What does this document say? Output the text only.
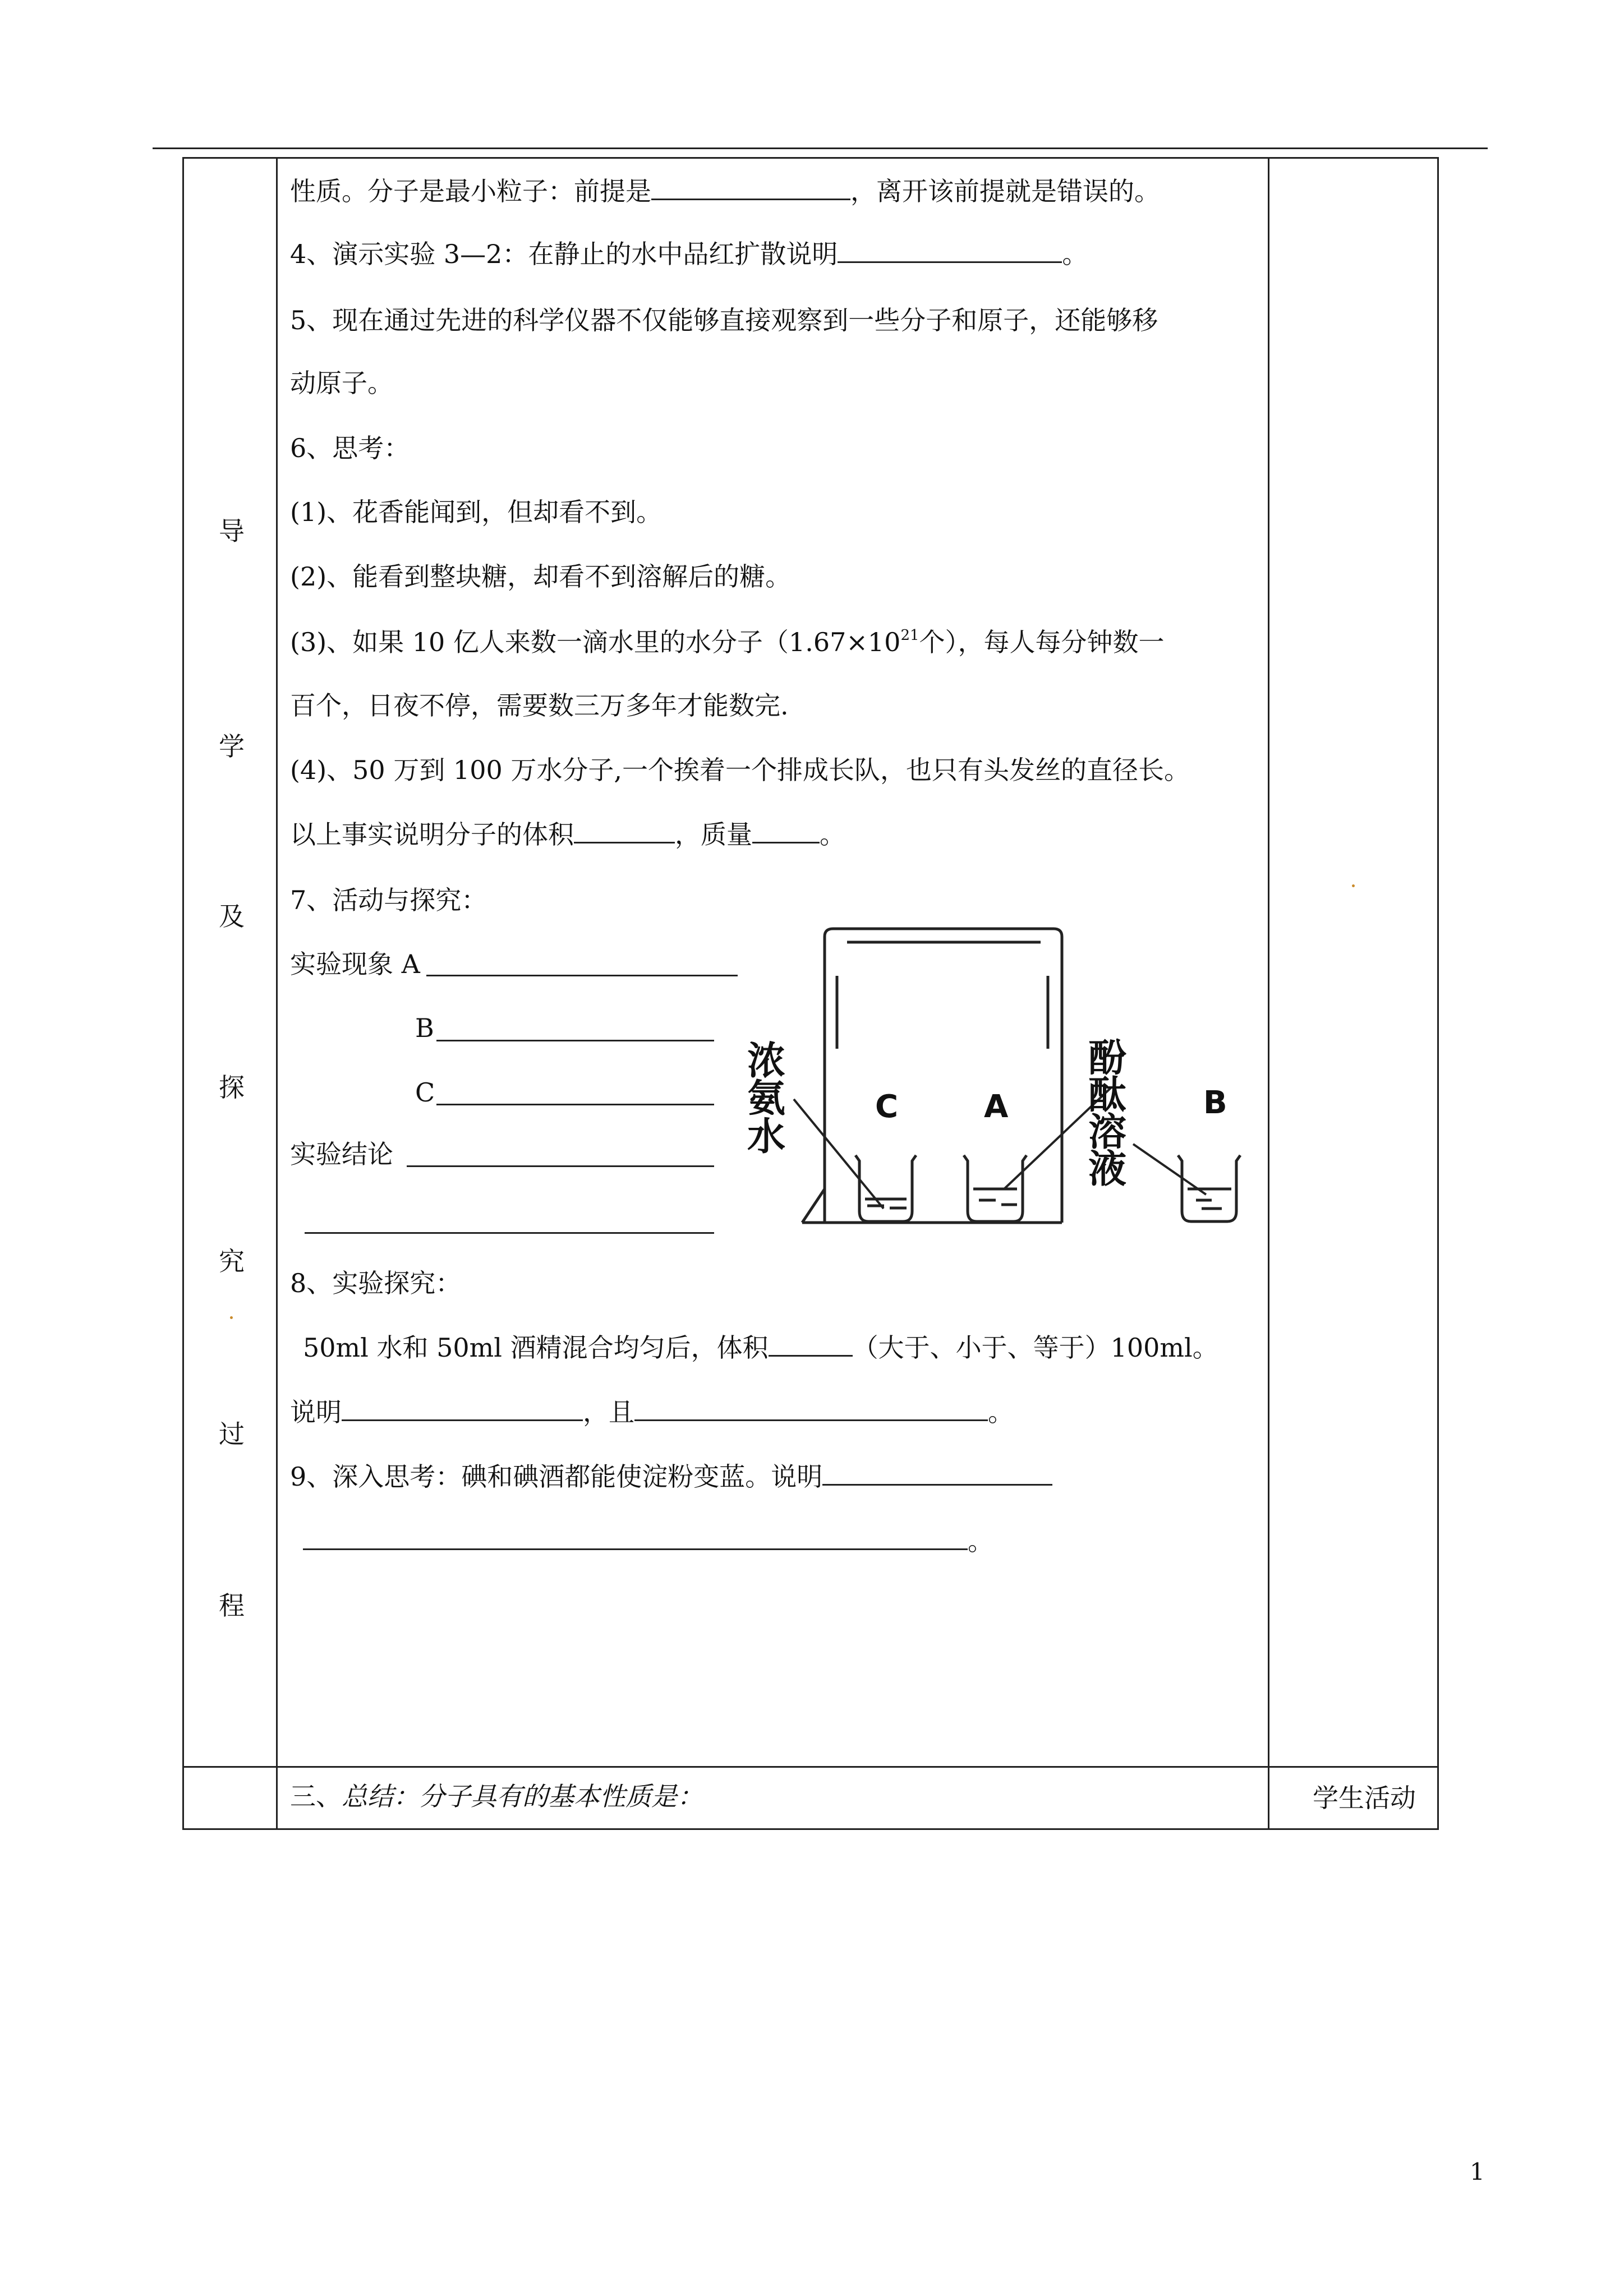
导
学
及
探
究
过
程
学生活动
性质。分子是最小粒子：前提是	，离开该前提就是错误的。
4、演示实验 3—2：在静止的水中品红扩散说明	。
5、现在通过先进的科学仪器不仅能够直接观察到一些分子和原子，还能够移
动原子。
6、思考：
(1)、花香能闻到，但却看不到。
(2)、能看到整块糖，却看不到溶解后的糖。
(3)、如果 10 亿人来数一滴水里的水分子（$1.67\times 10^{21}$个），每人每分钟数一
百个，日夜不停，需要数三万多年才能数完.
(4)、50 万到 100 万水分子,一个挨着一个排成长队，也只有头发丝的直径长。
以上事实说明分子的体积	，质量	。
7、活动与探究：
实验现象 A
B
C
实验结论
8、实验探究：
50ml 水和 50ml 酒精混合均匀后，体积	（大于、小于、等于）100ml。
说明	，且	。
9、深入思考：碘和碘酒都能使淀粉变蓝。说明
。
三、总结：分子具有的基本性质是：
C	A	B
浓
氨
水
酚
酞
溶
液
1
